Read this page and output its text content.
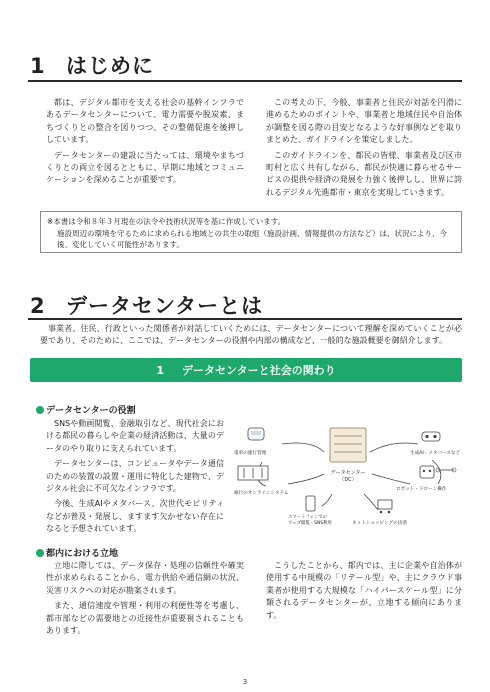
1 はじめに

都は、デジタル都市を支える社会の基幹インフラであるデータセンターについて、電力需要や脱炭素、まちづくりとの整合を図りつつ、その整備促進を後押ししています。

データセンターの建設に当たっては、環境やまちづくりとの両立を図るとともに、早期に地域とコミュニケーションを深めることが重要です。

この考えの下、今般、事業者と住民が対話を円滑に進めるためのポイントや、事業者と地域住民や自治体が調整を図る際の目安となるような好事例などを取りまとめた、ガイドラインを策定しました。

このガイドラインを、都民の皆様、事業者及び区市町村と広く共有しながら、都民が快適に暮らせるサービスの提供や経済の発展を力強く後押しし、世界に誇れるデジタル先進都市・東京を実現していきます。

※本書は令和８年３月現在の法令や技術状況等を基に作成しています。
施設周辺の環境を守るために求められる地域との共生の取組（施設計画、情報提供の方法など）は、状況により、今後、変化していく可能性があります。
2 データセンターとは

事業者、住民、行政といった関係者が対話していくためには、データセンターについて理解を深めていくことが必要であり、そのために、ここでは、データセンターの役割や内部の構成など、一般的な施設概要を御紹介します。

1 データセンターと社会の関わり
データセンターの役割

SNSや動画閲覧、金融取引など、現代社会における都民の暮らしや企業の経済活動は、大量のデータのやり取りに支えられています。

データセンターは、コンピュータやデータ通信のための装置の設置・運用に特化した建物で、デジタル社会に不可欠なインフラです。

今後、生成AIやメタバース、次世代モビリティなどが普及・発展し、ますます欠かせない存在になると予想されています。

データセンター
（DC）
電車の運行管理	生成AI・メタバースなど
銀行のオンラインシステム
ロボット・ドローン操作
スマートフォンでの
ウェブ閲覧・SNS利用	ネットショッピングの決済
都内における立地

立地に際しては、データ保存・処理の信頼性や確実性が求められることから、電力供給や通信網の状況、災害リスクへの対応が勘案されます。

また、通信速度や管理・利用の利便性等を考慮し、都市部などの需要地との近接性が重要視されることもあります。

こうしたことから、都内では、主に企業や自治体が使用する中規模の「リテール型」や、主にクラウド事業者が使用する大規模な「ハイパースケール型」に分類されるデータセンターが、立地する傾向にあります。

3
